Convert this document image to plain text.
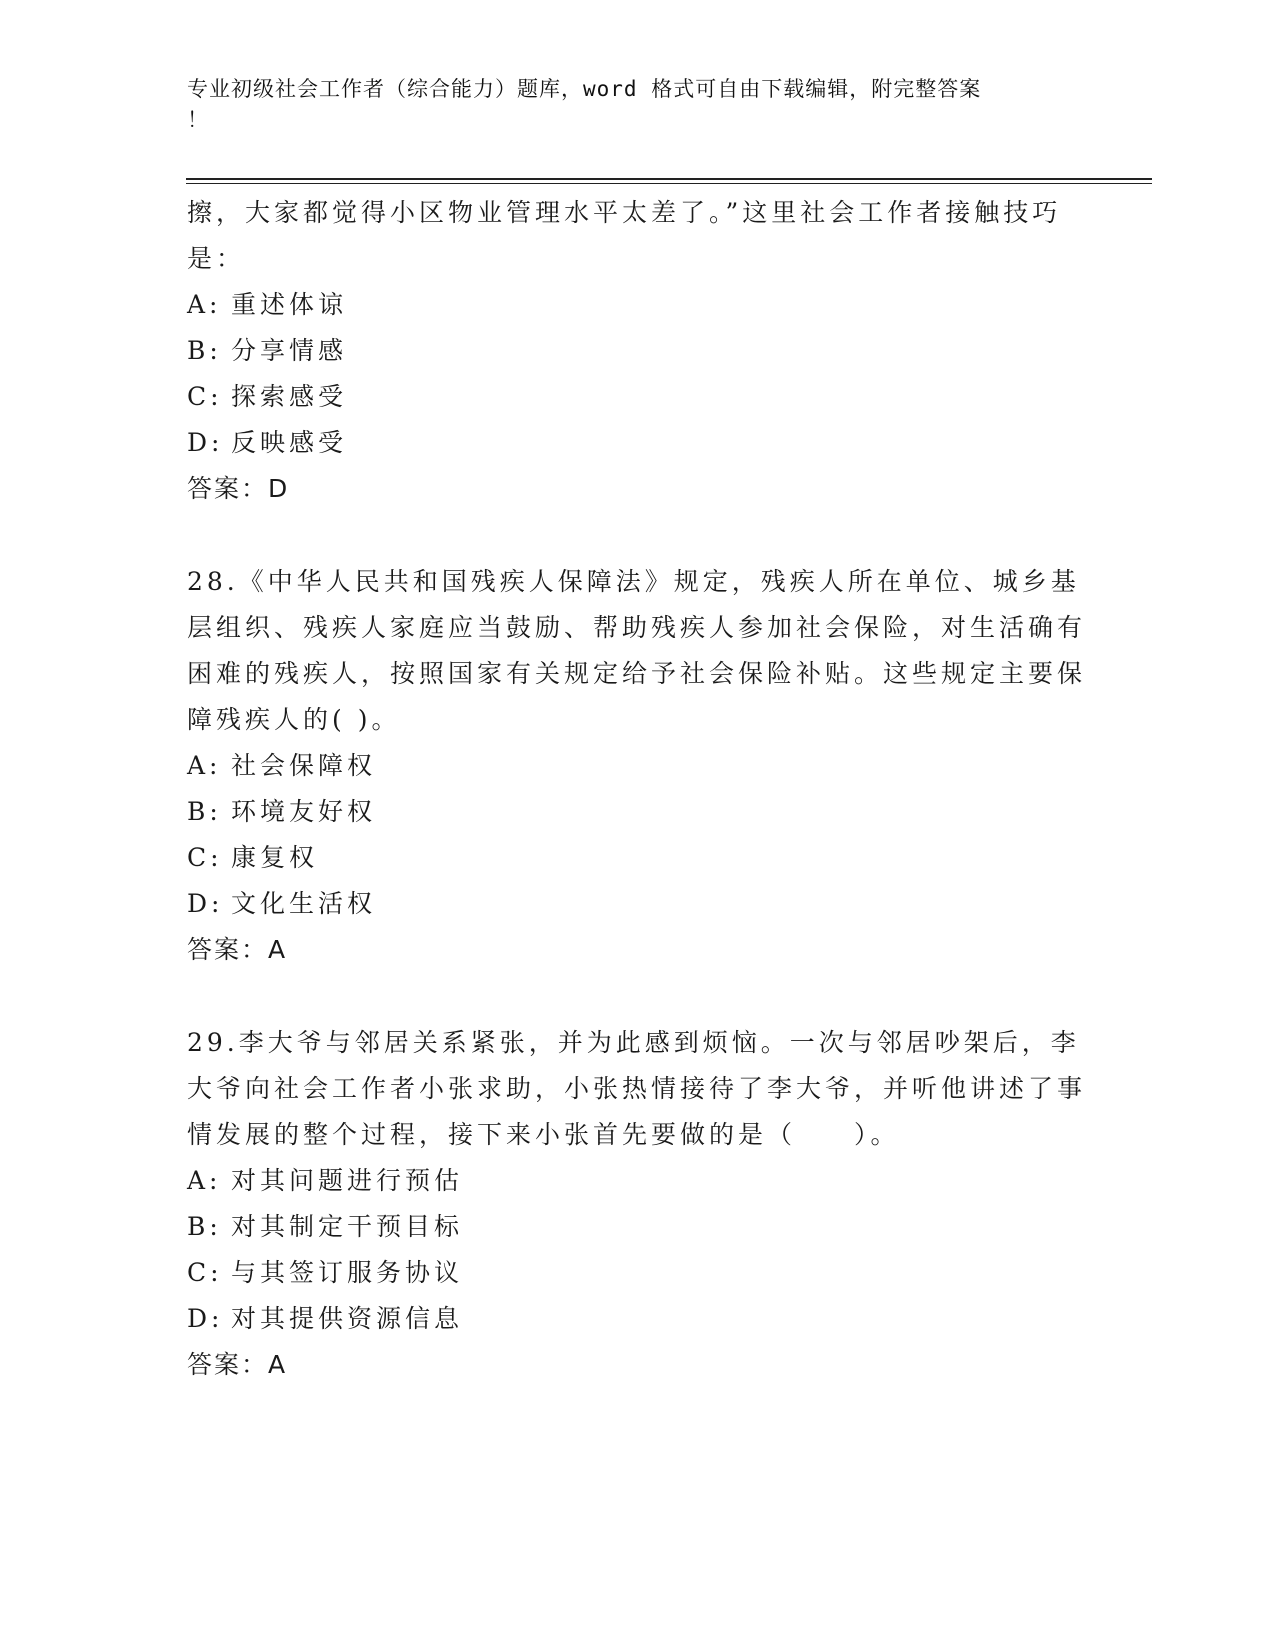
专业初级社会工作者（综合能力）题库，word 格式可自由下载编辑，附完整答案
！
擦，大家都觉得小区物业管理水平太差了。”这里社会工作者接触技巧是：
A: 重述体谅
B: 分享情感
C: 探索感受
D: 反映感受
答案：D
28.《中华人民共和国残疾人保障法》规定，残疾人所在单位、城乡基层组织、残疾人家庭应当鼓励、帮助残疾人参加社会保险，对生活确有困难的残疾人，按照国家有关规定给予社会保险补贴。这些规定主要保障残疾人的( )。
A: 社会保障权
B: 环境友好权
C: 康复权
D: 文化生活权
答案：A
29.李大爷与邻居关系紧张，并为此感到烦恼。一次与邻居吵架后，李大爷向社会工作者小张求助，小张热情接待了李大爷，并听他讲述了事情发展的整个过程，接下来小张首先要做的是（　　）。
A: 对其问题进行预估
B: 对其制定干预目标
C: 与其签订服务协议
D: 对其提供资源信息
答案：A
